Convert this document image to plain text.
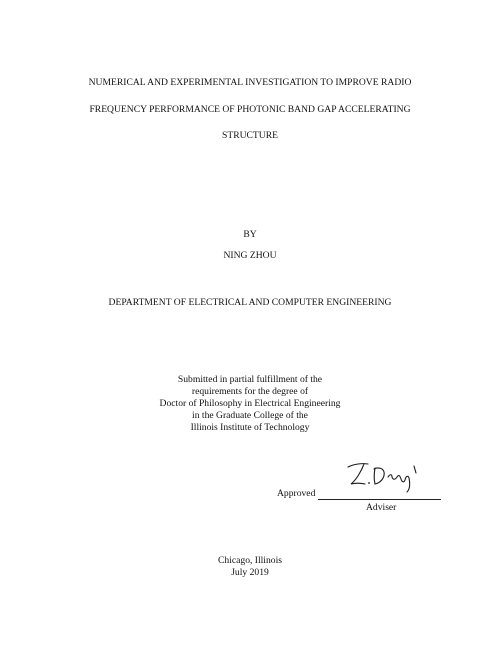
NUMERICAL AND EXPERIMENTAL INVESTIGATION TO IMPROVE RADIO
FREQUENCY PERFORMANCE OF PHOTONIC BAND GAP ACCELERATING
STRUCTURE
BY
NING ZHOU
DEPARTMENT OF ELECTRICAL AND COMPUTER ENGINEERING
Submitted in partial fulfillment of the
requirements for the degree of
Doctor of Philosophy in Electrical Engineering
in the Graduate College of the
Illinois Institute of Technology
Approved
Adviser
Chicago, Illinois
July 2019
